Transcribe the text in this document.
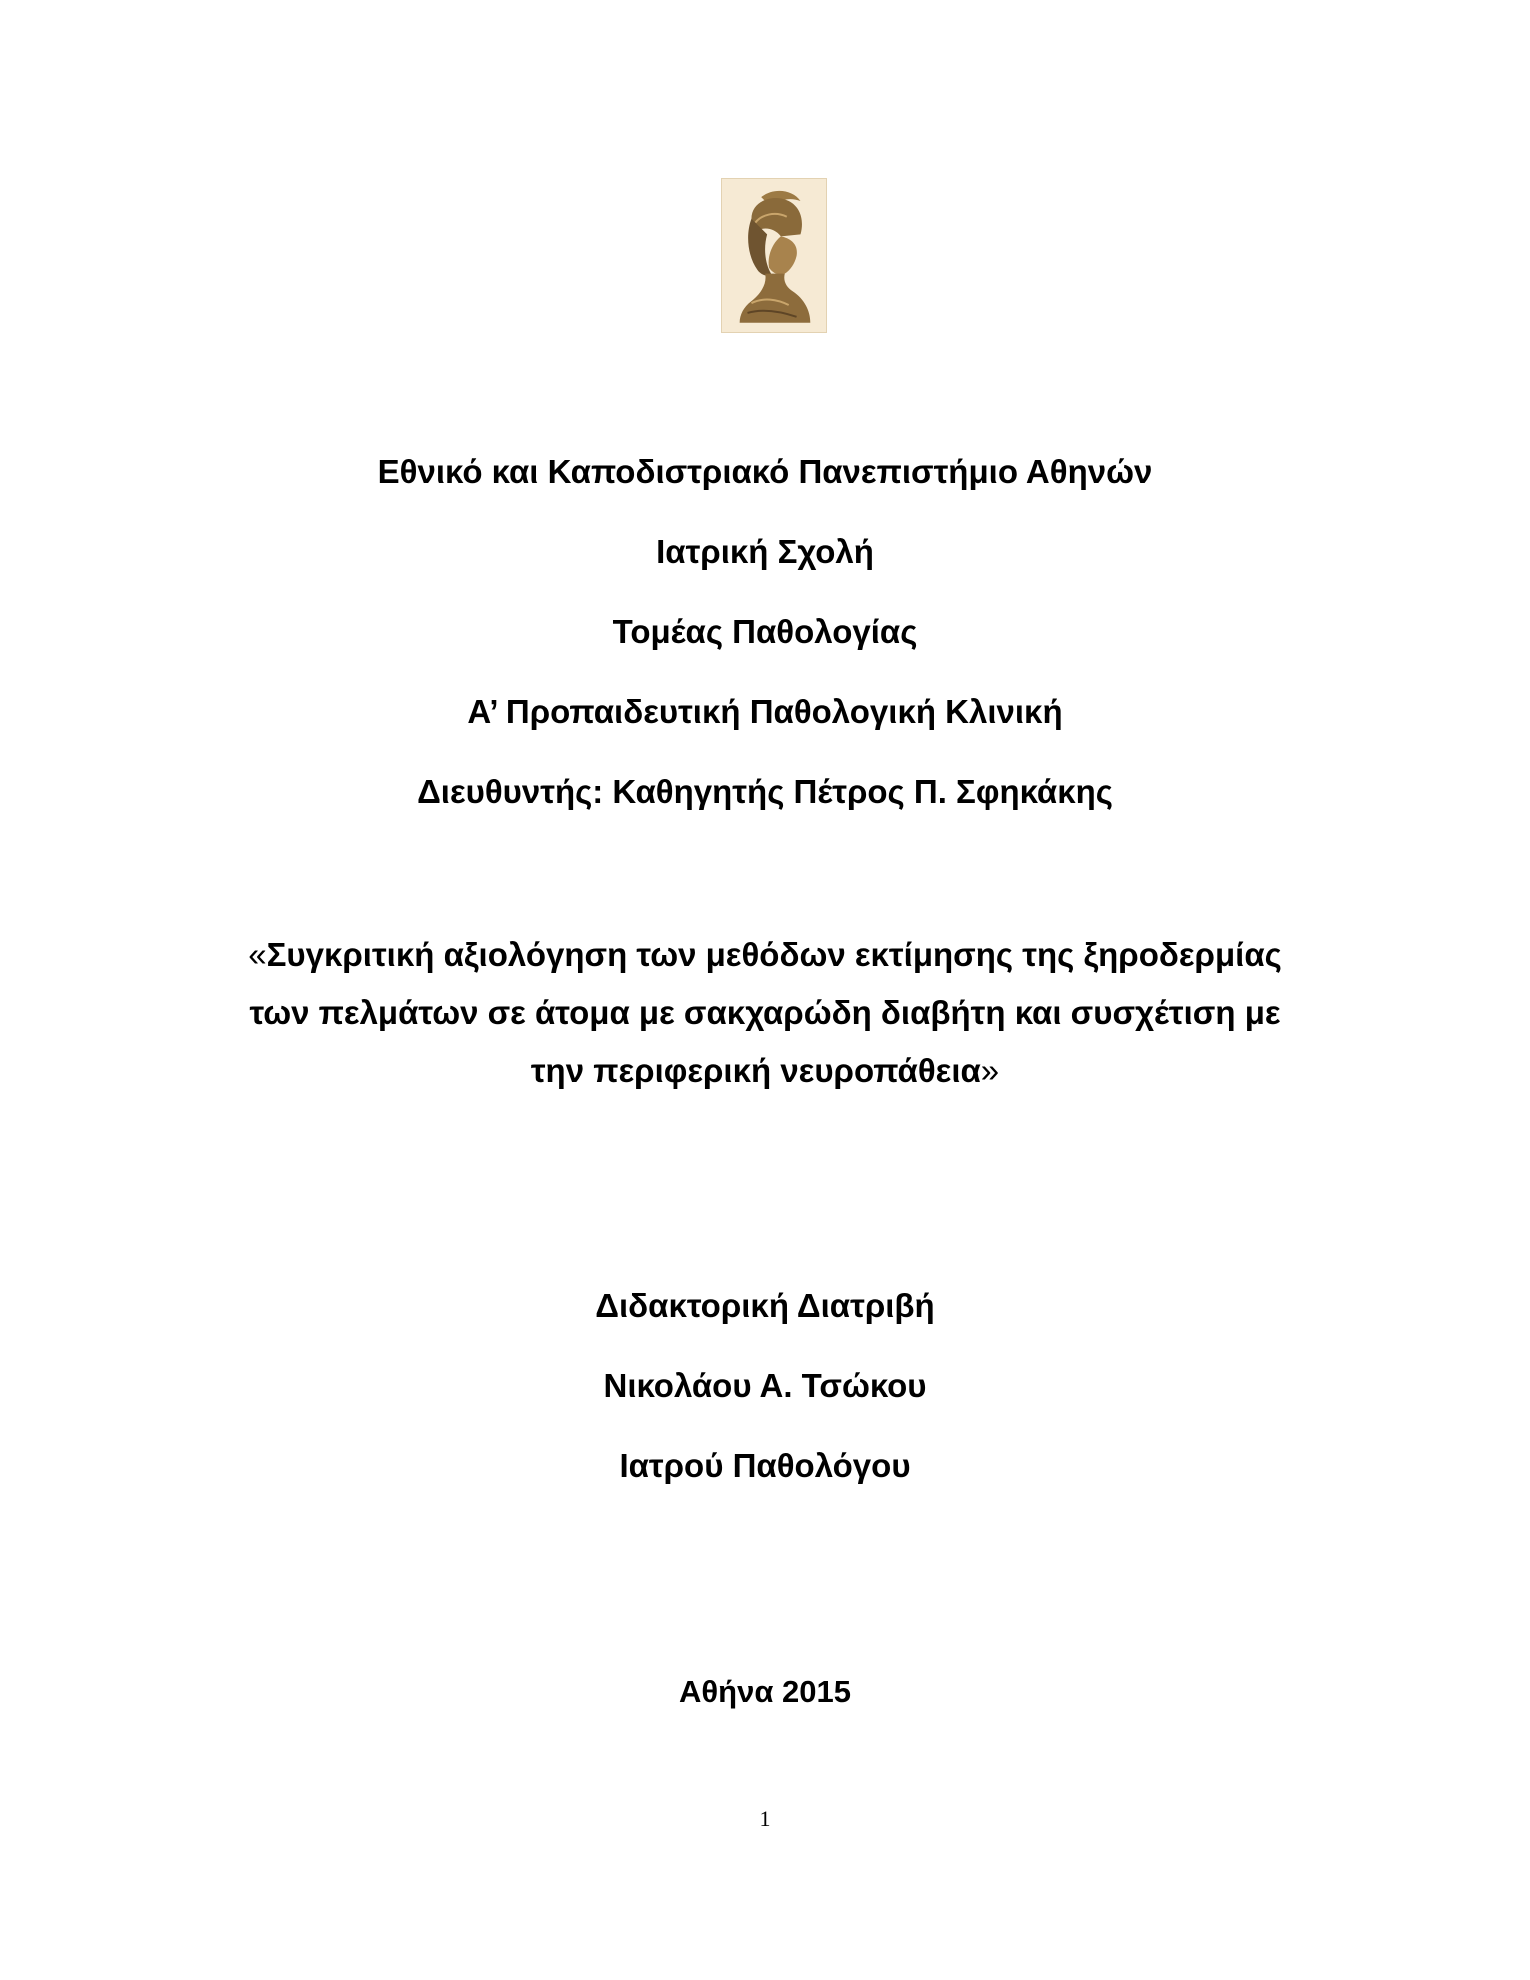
Εθνικό και Καποδιστριακό Πανεπιστήμιο Αθηνών
Ιατρική Σχολή
Τομέας Παθολογίας
Α’ Προπαιδευτική Παθολογική Κλινική
Διευθυντής: Καθηγητής Πέτρος Π. Σφηκάκης
«Συγκριτική αξιολόγηση των μεθόδων εκτίμησης της ξηροδερμίας
των πελμάτων σε άτομα με σακχαρώδη διαβήτη και συσχέτιση με
την περιφερική νευροπάθεια»
Διδακτορική Διατριβή
Νικολάου Α. Τσώκου
Ιατρού Παθολόγου
Αθήνα 2015
1
